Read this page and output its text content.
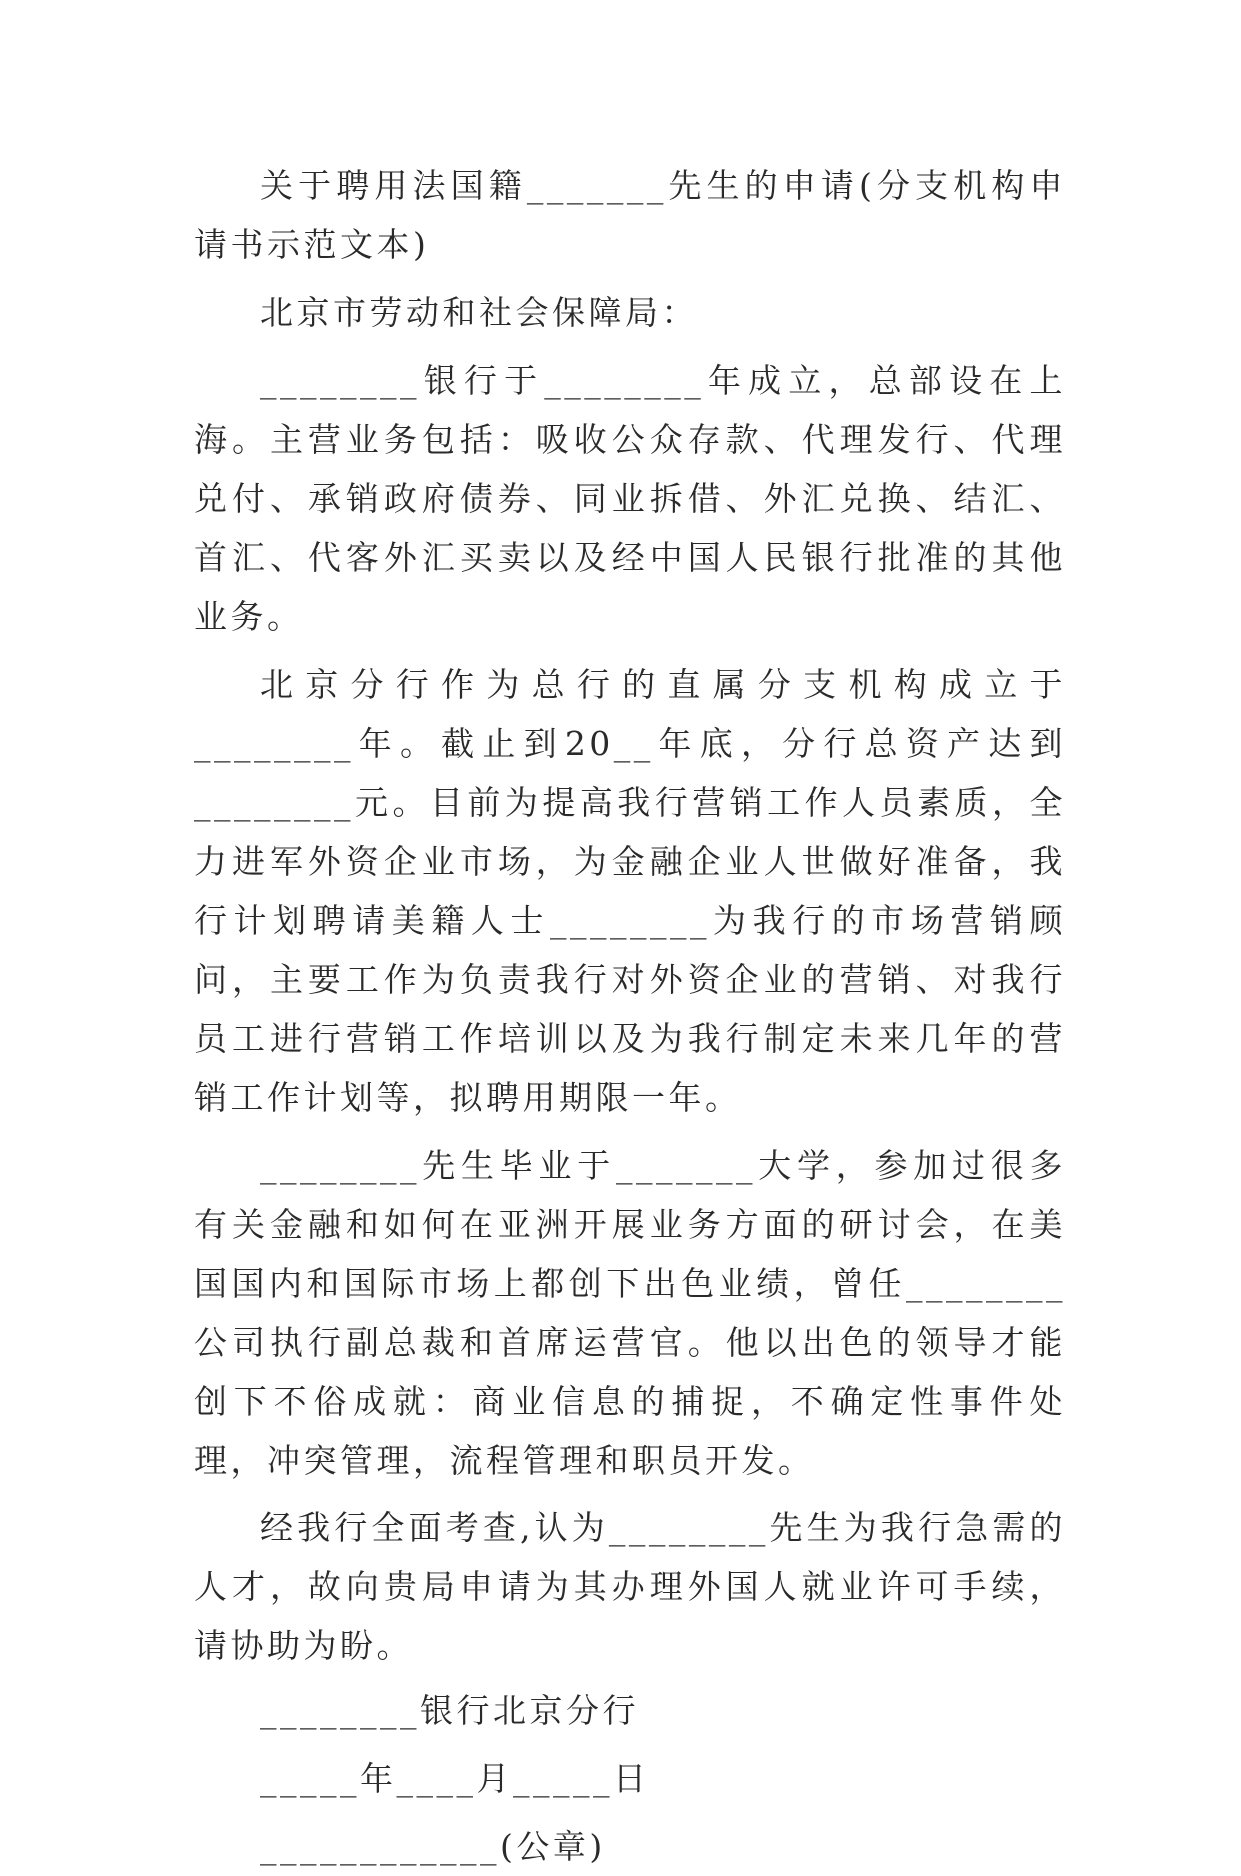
关于聘用法国籍_______先生的申请(分支机构申请书示范文本)

北京市劳动和社会保障局：

________银行于________年成立，总部设在上海。主营业务包括：吸收公众存款、代理发行、代理兑付、承销政府债券、同业拆借、外汇兑换、结汇、首汇、代客外汇买卖以及经中国人民银行批准的其他业务。

北京分行作为总行的直属分支机构成立于________年。截止到20__年底，分行总资产达到________元。目前为提高我行营销工作人员素质，全力进军外资企业市场，为金融企业人世做好准备，我行计划聘请美籍人士________为我行的市场营销顾问，主要工作为负责我行对外资企业的营销、对我行员工进行营销工作培训以及为我行制定未来几年的营销工作计划等，拟聘用期限一年。

________先生毕业于_______大学，参加过很多有关金融和如何在亚洲开展业务方面的研讨会，在美国国内和国际市场上都创下出色业绩，曾任________公司执行副总裁和首席运营官。他以出色的领导才能创下不俗成就：商业信息的捕捉，不确定性事件处理，冲突管理，流程管理和职员开发。

经我行全面考查,认为________先生为我行急需的人才，故向贵局申请为其办理外国人就业许可手续，请协助为盼。

________银行北京分行

_____年____月_____日

____________(公章)
